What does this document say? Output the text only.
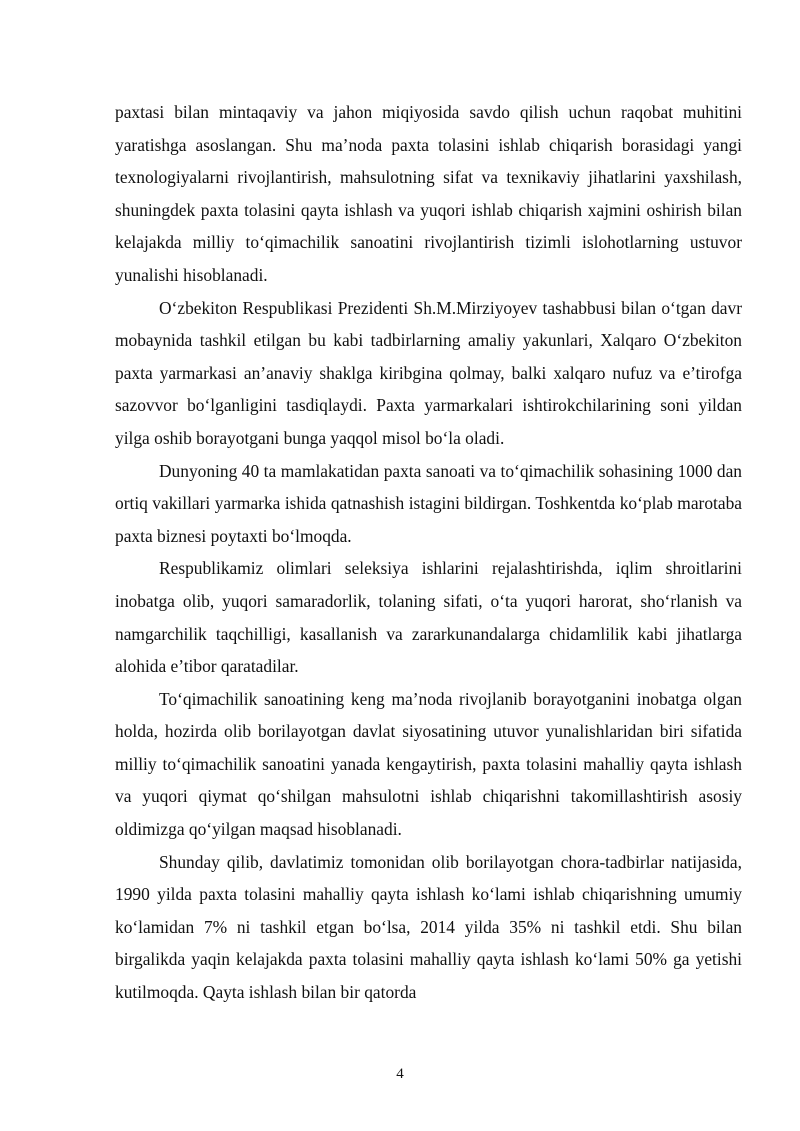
paxtasi bilan mintaqaviy va jahon miqiyosida savdo qilish uchun raqobat muhitini yaratishga asoslangan. Shu ma’noda paxta tolasini ishlab chiqarish borasidagi yangi texnologiyalarni rivojlantirish, mahsulotning sifat va texnikaviy jihatlarini yaxshilash, shuningdek paxta tolasini qayta ishlash va yuqori ishlab chiqarish xajmini oshirish bilan kelajakda milliy to‘qimachilik sanoatini rivojlantirish tizimli islohotlarning ustuvor yunalishi hisoblanadi.

O‘zbekiton Respublikasi Prezidenti Sh.M.Mirziyoyev tashabbusi bilan o‘tgan davr mobaynida tashkil etilgan bu kabi tadbirlarning amaliy yakunlari, Xalqaro O‘zbekiton paxta yarmarkasi an’anaviy shaklga kiribgina qolmay, balki xalqaro nufuz va e’tirofga sazovvor bo‘lganligini tasdiqlaydi. Paxta yarmarkalari ishtirokchilarining soni yildan yilga oshib borayotgani bunga yaqqol misol bo‘la oladi.

Dunyoning 40 ta mamlakatidan paxta sanoati va to‘qimachilik sohasining 1000 dan ortiq vakillari yarmarka ishida qatnashish istagini bildirgan. Toshkentda ko‘plab marotaba paxta biznesi poytaxti bo‘lmoqda.

Respublikamiz olimlari seleksiya ishlarini rejalashtirishda, iqlim shroitlarini inobatga olib, yuqori samaradorlik, tolaning sifati, o‘ta yuqori harorat, sho‘rlanish va namgarchilik taqchilligi, kasallanish va zararkunandalarga chidamlilik kabi jihatlarga alohida e’tibor qaratadilar.

To‘qimachilik sanoatining keng ma’noda rivojlanib borayotganini inobatga olgan holda, hozirda olib borilayotgan davlat siyosatining utuvor yunalishlaridan biri sifatida milliy to‘qimachilik sanoatini yanada kengaytirish, paxta tolasini mahalliy qayta ishlash va yuqori qiymat qo‘shilgan mahsulotni ishlab chiqarishni takomillashtirish asosiy oldimizga qo‘yilgan maqsad hisoblanadi.

Shunday qilib, davlatimiz tomonidan olib borilayotgan chora-tadbirlar natijasida, 1990 yilda paxta tolasini mahalliy qayta ishlash ko‘lami ishlab chiqarishning umumiy ko‘lamidan 7% ni tashkil etgan bo‘lsa, 2014 yilda 35% ni tashkil etdi. Shu bilan birgalikda yaqin kelajakda paxta tolasini mahalliy qayta ishlash ko‘lami 50% ga yetishi kutilmoqda. Qayta ishlash bilan bir qatorda

4
